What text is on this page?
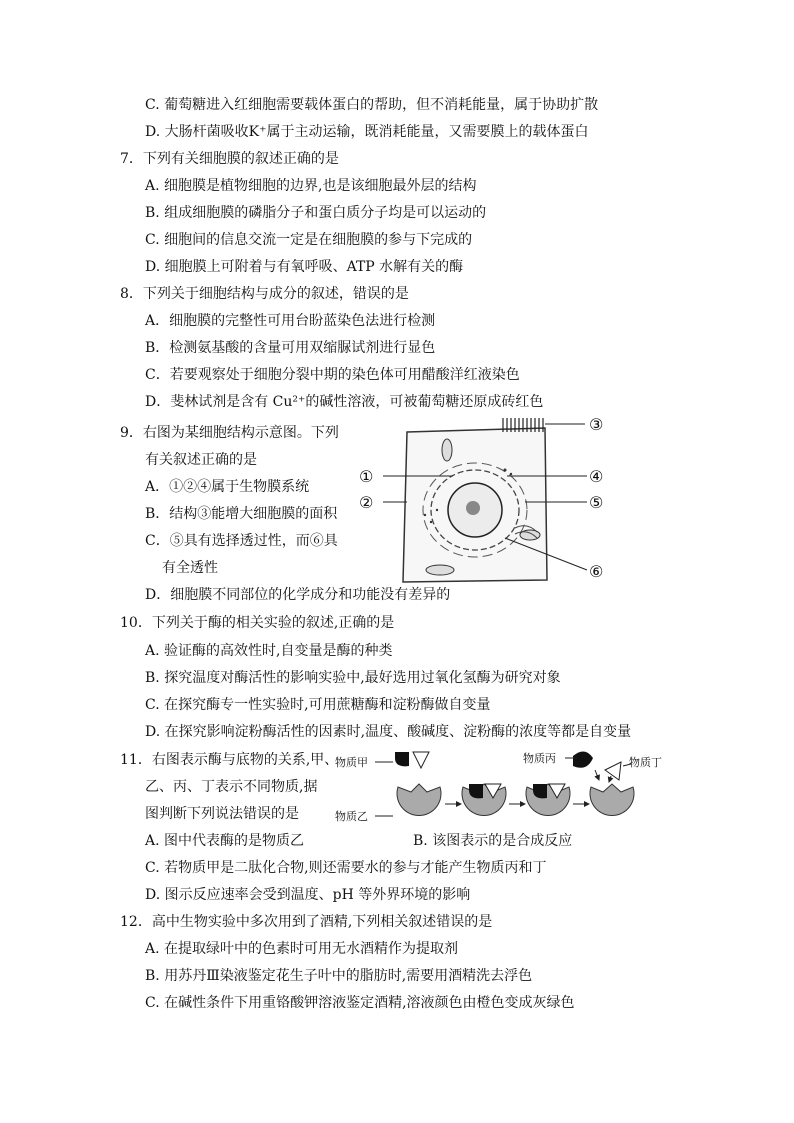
C. 葡萄糖进入红细胞需要载体蛋白的帮助，但不消耗能量，属于协助扩散
D. 大肠杆菌吸收K⁺属于主动运输，既消耗能量，又需要膜上的载体蛋白
7．下列有关细胞膜的叙述正确的是
A. 细胞膜是植物细胞的边界,也是该细胞最外层的结构
B. 组成细胞膜的磷脂分子和蛋白质分子均是可以运动的
C. 细胞间的信息交流一定是在细胞膜的参与下完成的
D. 细胞膜上可附着与有氧呼吸、ATP 水解有关的酶
8．下列关于细胞结构与成分的叙述，错误的是
A．细胞膜的完整性可用台盼蓝染色法进行检测
B．检测氨基酸的含量可用双缩脲试剂进行显色
C．若要观察处于细胞分裂中期的染色体可用醋酸洋红液染色
D．斐林试剂是含有 Cu²⁺的碱性溶液，可被葡萄糖还原成砖红色
9．右图为某细胞结构示意图。下列
有关叙述正确的是
A．①②④属于生物膜系统
B．结构③能增大细胞膜的面积
C．⑤具有选择透过性，而⑥具
有全透性
D．细胞膜不同部位的化学成分和功能没有差异的
①
②
③
④
⑤
⑥
10．下列关于酶的相关实验的叙述,正确的是
A. 验证酶的高效性时,自变量是酶的种类
B. 探究温度对酶活性的影响实验中,最好选用过氧化氢酶为研究对象
C. 在探究酶专一性实验时,可用蔗糖酶和淀粉酶做自变量
D. 在探究影响淀粉酶活性的因素时,温度、酸碱度、淀粉酶的浓度等都是自变量
11．右图表示酶与底物的关系,甲、
乙、丙、丁表示不同物质,据
图判断下列说法错误的是
A. 图中代表酶的是物质乙	B. 该图表示的是合成反应
C. 若物质甲是二肽化合物,则还需要水的参与才能产生物质丙和丁
D. 图示反应速率会受到温度、pH 等外界环境的影响
物质甲
物质乙
物质丙	物质丁
12．高中生物实验中多次用到了酒精,下列相关叙述错误的是
A. 在提取绿叶中的色素时可用无水酒精作为提取剂
B. 用苏丹Ⅲ染液鉴定花生子叶中的脂肪时,需要用酒精洗去浮色
C. 在碱性条件下用重铬酸钾溶液鉴定酒精,溶液颜色由橙色变成灰绿色
